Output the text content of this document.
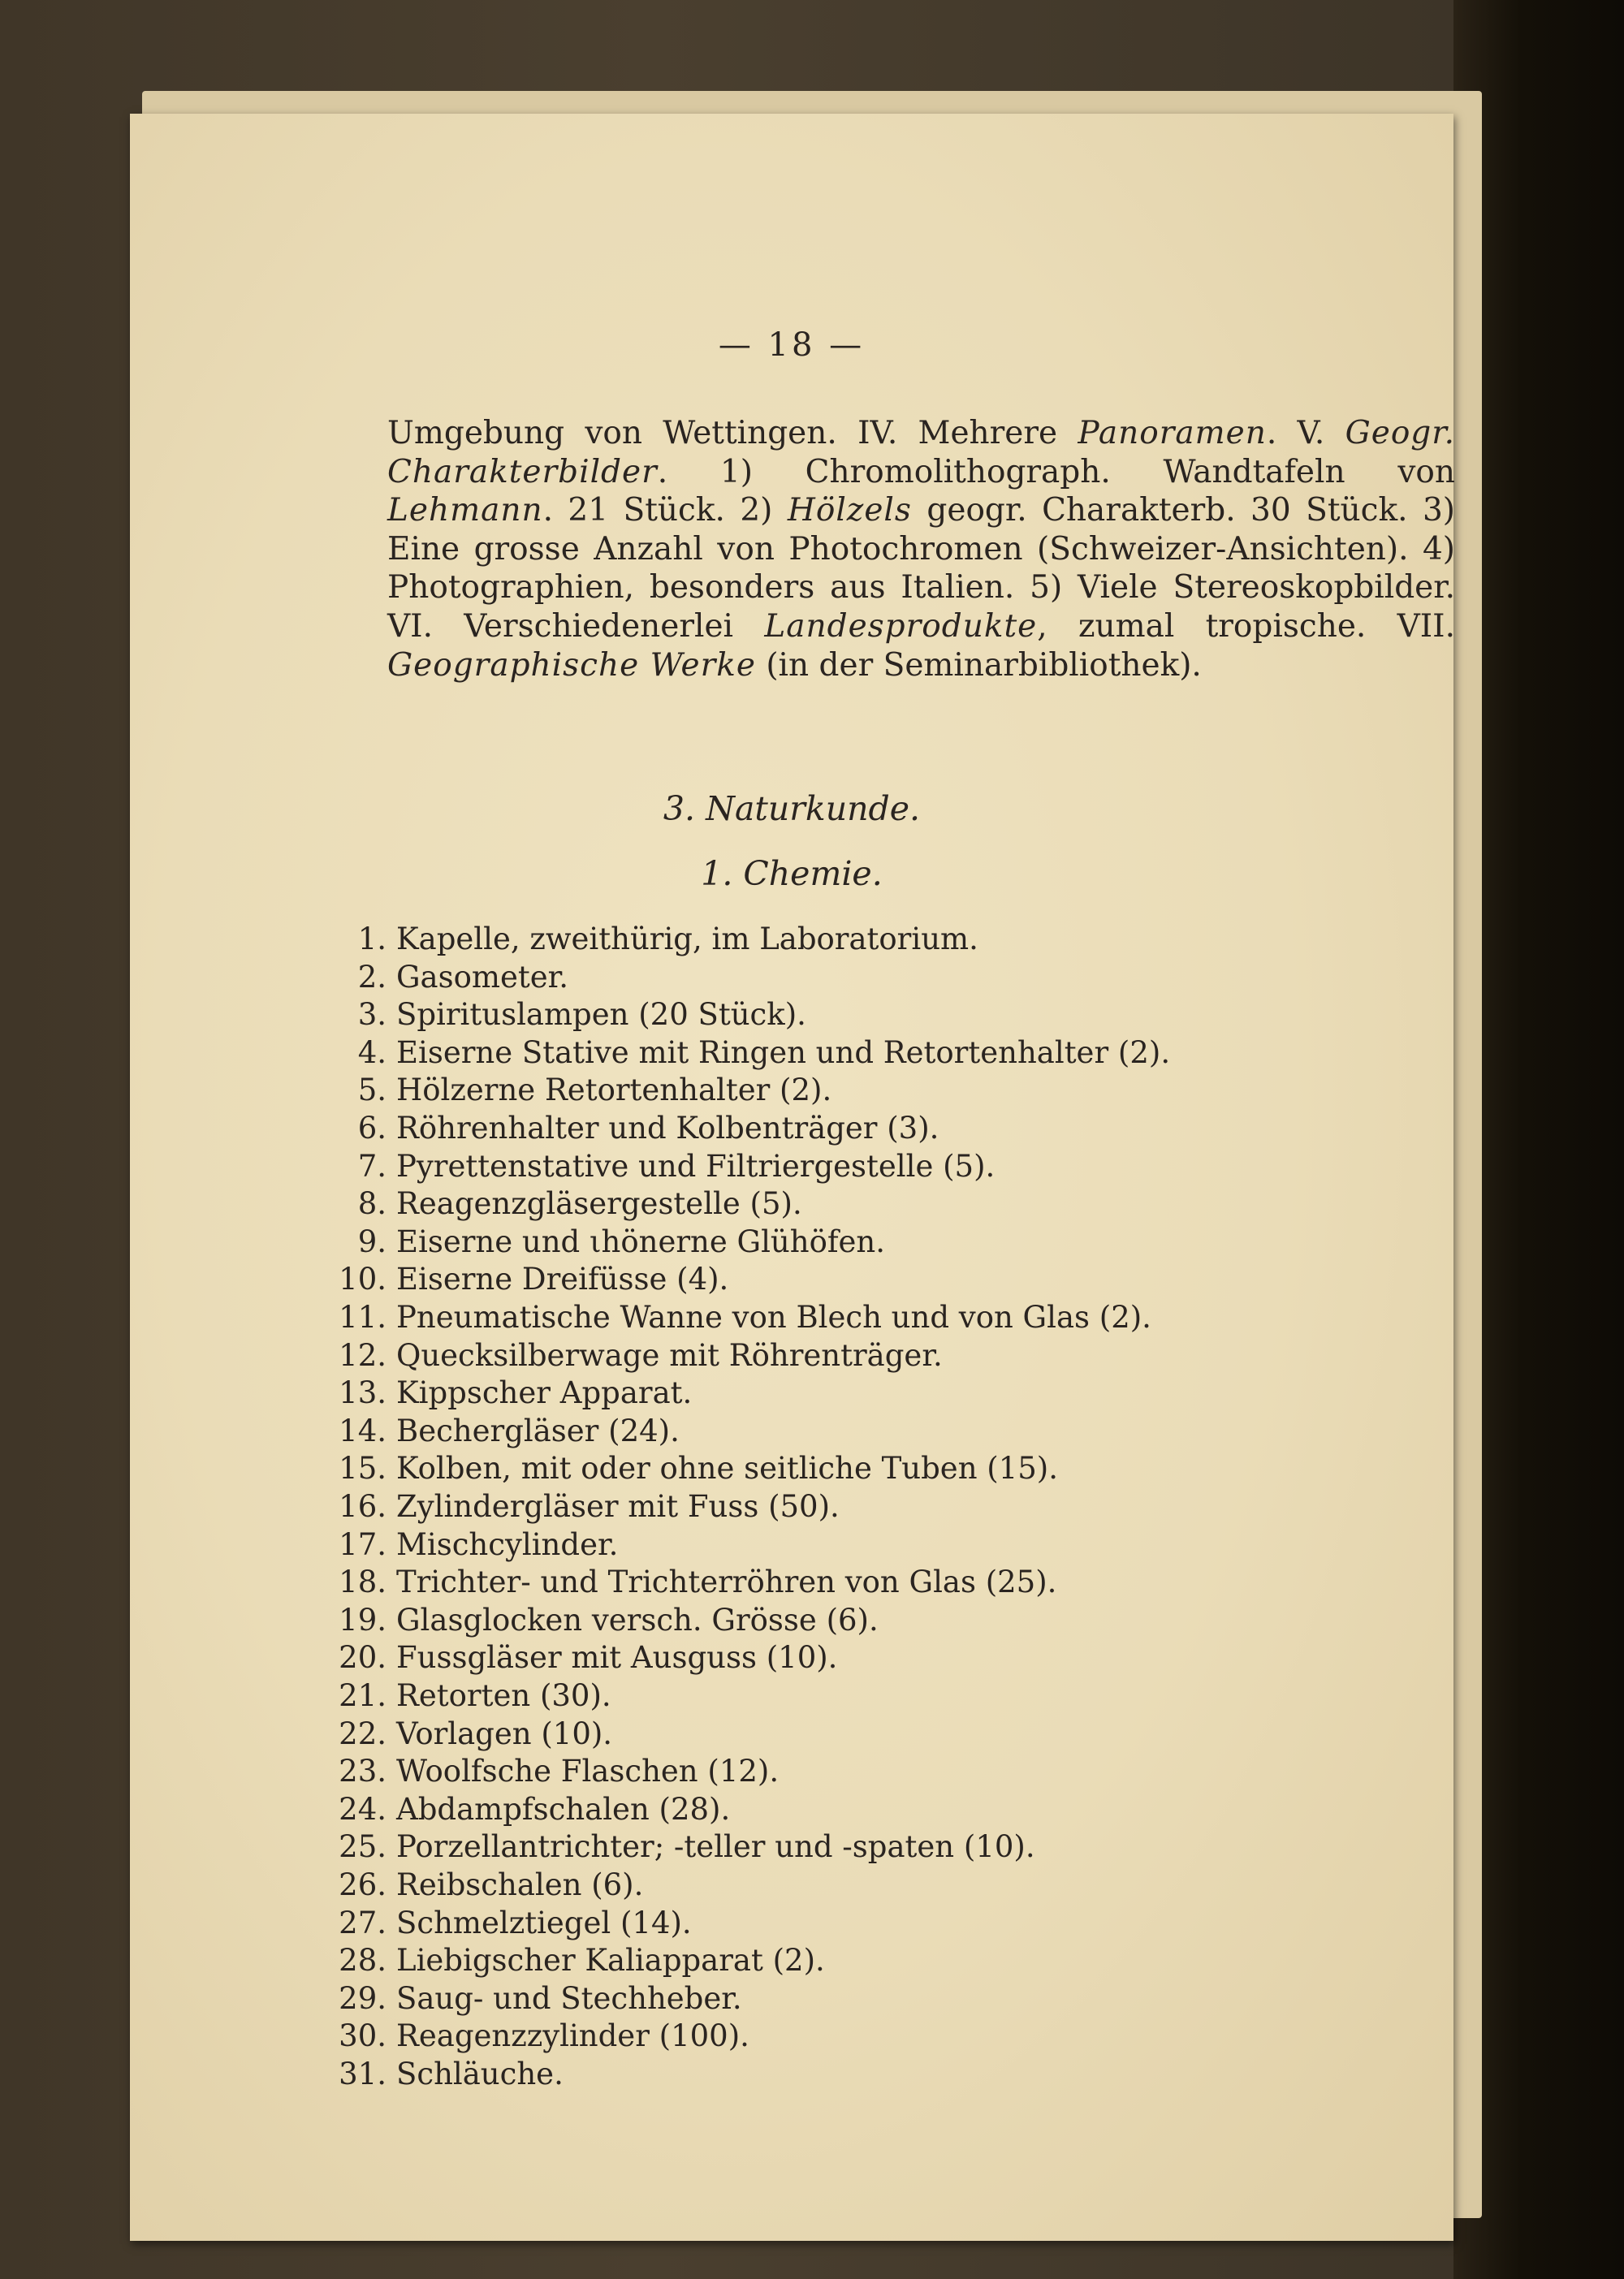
— 18 —
Umgebung von Wettingen. IV. Mehrere Panoramen. V. Geogr. Charakterbilder. 1) Chromolithograph. Wandtafeln von Lehmann. 21 Stück. 2) Hölzels geogr. Charakterb. 30 Stück. 3) Eine grosse Anzahl von Photochromen (Schweizer-Ansichten). 4) Photographien, besonders aus Italien. 5) Viele Stereoskopbilder. VI. Verschiedenerlei Landesprodukte, zumal tropische. VII. Geographische Werke (in der Seminarbibliothek).
3. Naturkunde.
1. Chemie.
1. Kapelle, zweithürig, im Laboratorium.
2. Gasometer.
3. Spirituslampen (20 Stück).
4. Eiserne Stative mit Ringen und Retortenhalter (2).
5. Hölzerne Retortenhalter (2).
6. Röhrenhalter und Kolbenträger (3).
7. Pyrettenstative und Filtriergestelle (5).
8. Reagenzgläsergestelle (5).
9. Eiserne und ιhönerne Glühöfen.
10. Eiserne Dreifüsse (4).
11. Pneumatische Wanne von Blech und von Glas (2).
12. Quecksilberwage mit Röhrenträger.
13. Kippscher Apparat.
14. Bechergläser (24).
15. Kolben, mit oder ohne seitliche Tuben (15).
16. Zylindergläser mit Fuss (50).
17. Mischcylinder.
18. Trichter- und Trichterröhren von Glas (25).
19. Glasglocken versch. Grösse (6).
20. Fussgläser mit Ausguss (10).
21. Retorten (30).
22. Vorlagen (10).
23. Woolfsche Flaschen (12).
24. Abdampfschalen (28).
25. Porzellantrichter; -teller und -spaten (10).
26. Reibschalen (6).
27. Schmelztiegel (14).
28. Liebigscher Kaliapparat (2).
29. Saug- und Stechheber.
30. Reagenzzylinder (100).
31. Schläuche.
